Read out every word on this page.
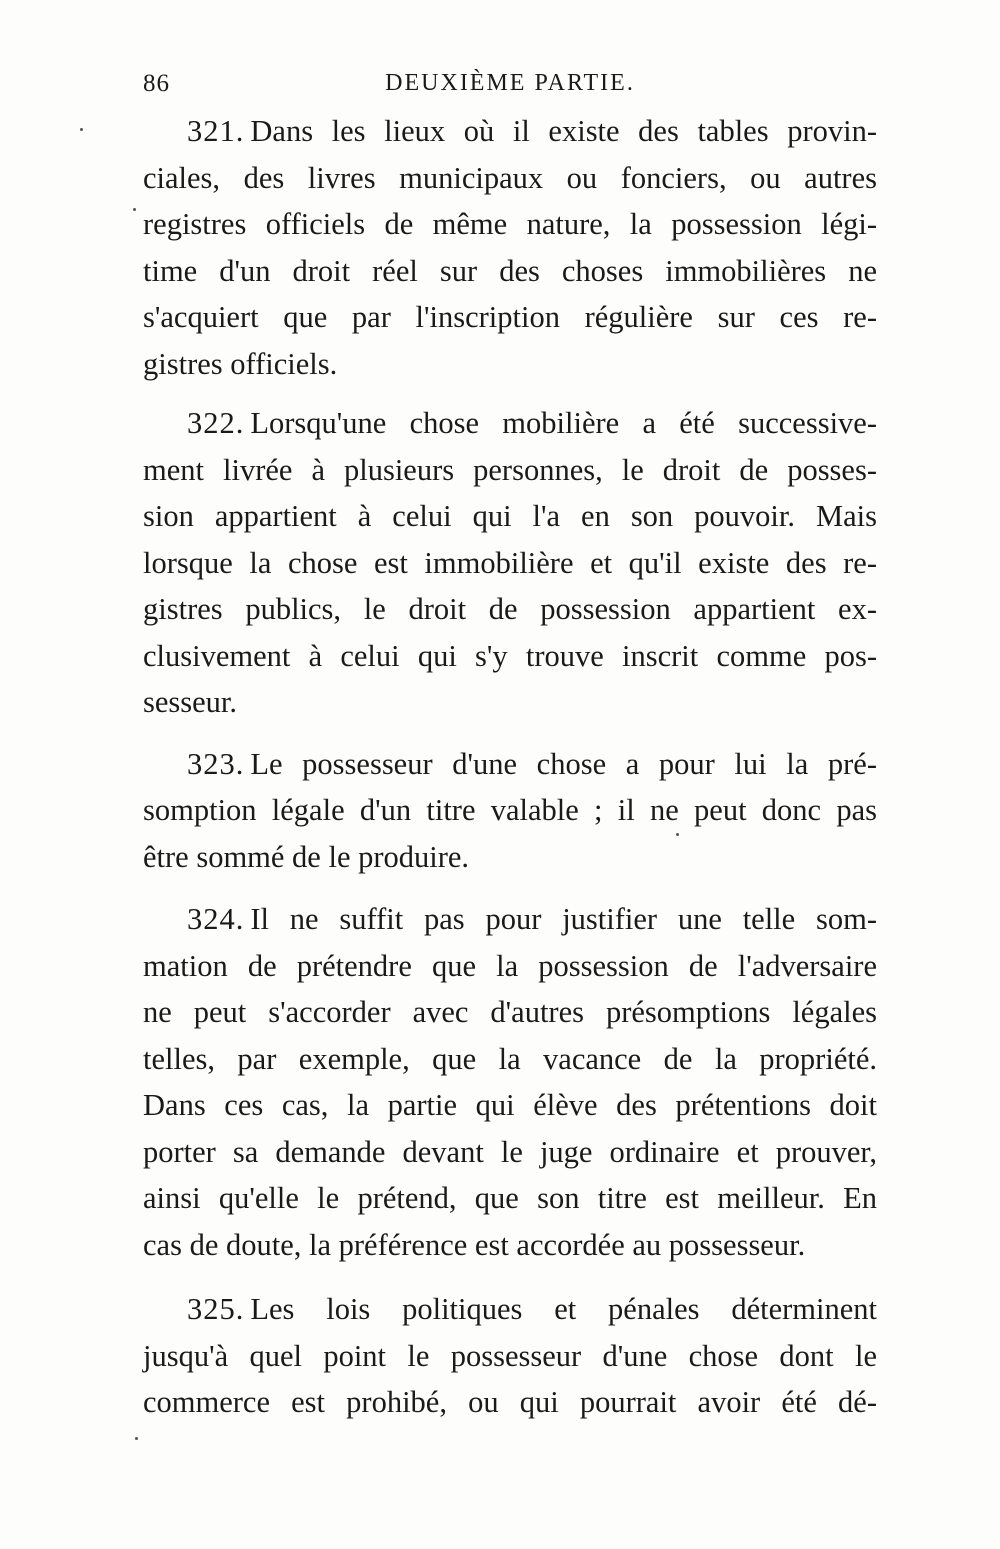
86	DEUXIÈME PARTIE.

321. Dans les lieux où il existe des tables provin-
ciales, des livres municipaux ou fonciers, ou autres
registres officiels de même nature, la possession légi-
time d'un droit réel sur des choses immobilières ne
s'acquiert que par l'inscription régulière sur ces re-
gistres officiels.

322. Lorsqu'une chose mobilière a été successive-
ment livrée à plusieurs personnes, le droit de posses-
sion appartient à celui qui l'a en son pouvoir. Mais
lorsque la chose est immobilière et qu'il existe des re-
gistres publics, le droit de possession appartient ex-
clusivement à celui qui s'y trouve inscrit comme pos-
sesseur.

323. Le possesseur d'une chose a pour lui la pré-
somption légale d'un titre valable ; il ne peut donc pas
être sommé de le produire.

324. Il ne suffit pas pour justifier une telle som-
mation de prétendre que la possession de l'adversaire
ne peut s'accorder avec d'autres présomptions légales
telles, par exemple, que la vacance de la propriété.
Dans ces cas, la partie qui élève des prétentions doit
porter sa demande devant le juge ordinaire et prouver,
ainsi qu'elle le prétend, que son titre est meilleur. En
cas de doute, la préférence est accordée au possesseur.

325. Les lois politiques et pénales déterminent
jusqu'à quel point le possesseur d'une chose dont le
commerce est prohibé, ou qui pourrait avoir été dé-
